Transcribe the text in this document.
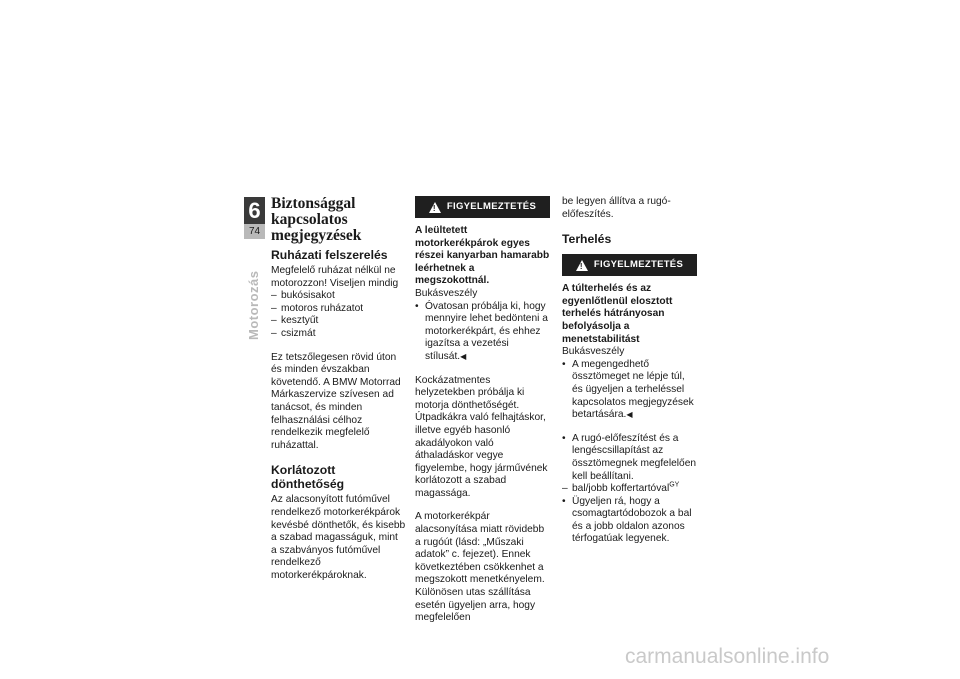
6
74
Motorozás
Biztonsággal kapcsolatos megjegyzések
Ruházati felszerelés
Megfelelő ruházat nélkül ne motorozzon! Viseljen mindig
– bukósisakot
– motoros ruházatot
– kesztyűt
– csizmát

Ez tetszőlegesen rövid úton és minden évszakban követendő. A BMW Motorrad Márkaszervize szívesen ad tanácsot, és minden felhasználási célhoz rendelkezik megfelelő ruházattal.

Korlátozott dönthetőség

Az alacsonyított futóművel rendelkező motorkerékpárok kevésbé dönthetők, és kisebb a szabad magasságuk, mint a szabványos futóművel rendelkező motorkerékpároknak.

! FIGYELMEZTETÉS
A leültetett motorkerékpárok egyes részei kanyarban hamarabb leérhetnek a megszokottnál.
Bukásveszély
• Óvatosan próbálja ki, hogy mennyire lehet bedönteni a motorkerékpárt, és ehhez igazítsa a vezetési stílusát.◀

Kockázatmentes helyzetekben próbálja ki motorja dönthetőségét. Útpadkákra való felhajtáskor, illetve egyéb hasonló akadályokon való áthaladáskor vegye figyelembe, hogy járművének korlátozott a szabad magassága.

A motorkerékpár alacsonyítása miatt rövidebb a rugóút (lásd: „Műszaki adatok” c. fejezet). Ennek következtében csökkenhet a megszokott menetkényelem. Különösen utas szállítása esetén ügyeljen arra, hogy megfelelően

be legyen állítva a rugó-előfeszítés.

Terhelés
! FIGYELMEZTETÉS
A túlterhelés és az egyenlőtlenül elosztott terhelés hátrányosan befolyásolja a menetstabilitást
Bukásveszély
• A megengedhető össztömeget ne lépje túl, és ügyeljen a terheléssel kapcsolatos megjegyzések betartására.◀
• A rugó-előfeszítést és a lengéscsillapítást az össztömegnek megfelelően kell beállítani.
– bal/jobb koffertartóval$^{GY}$
• Ügyeljen rá, hogy a csomagtartódobozok a bal és a jobb oldalon azonos térfogatúak legyenek.
carmanualsonline.info
